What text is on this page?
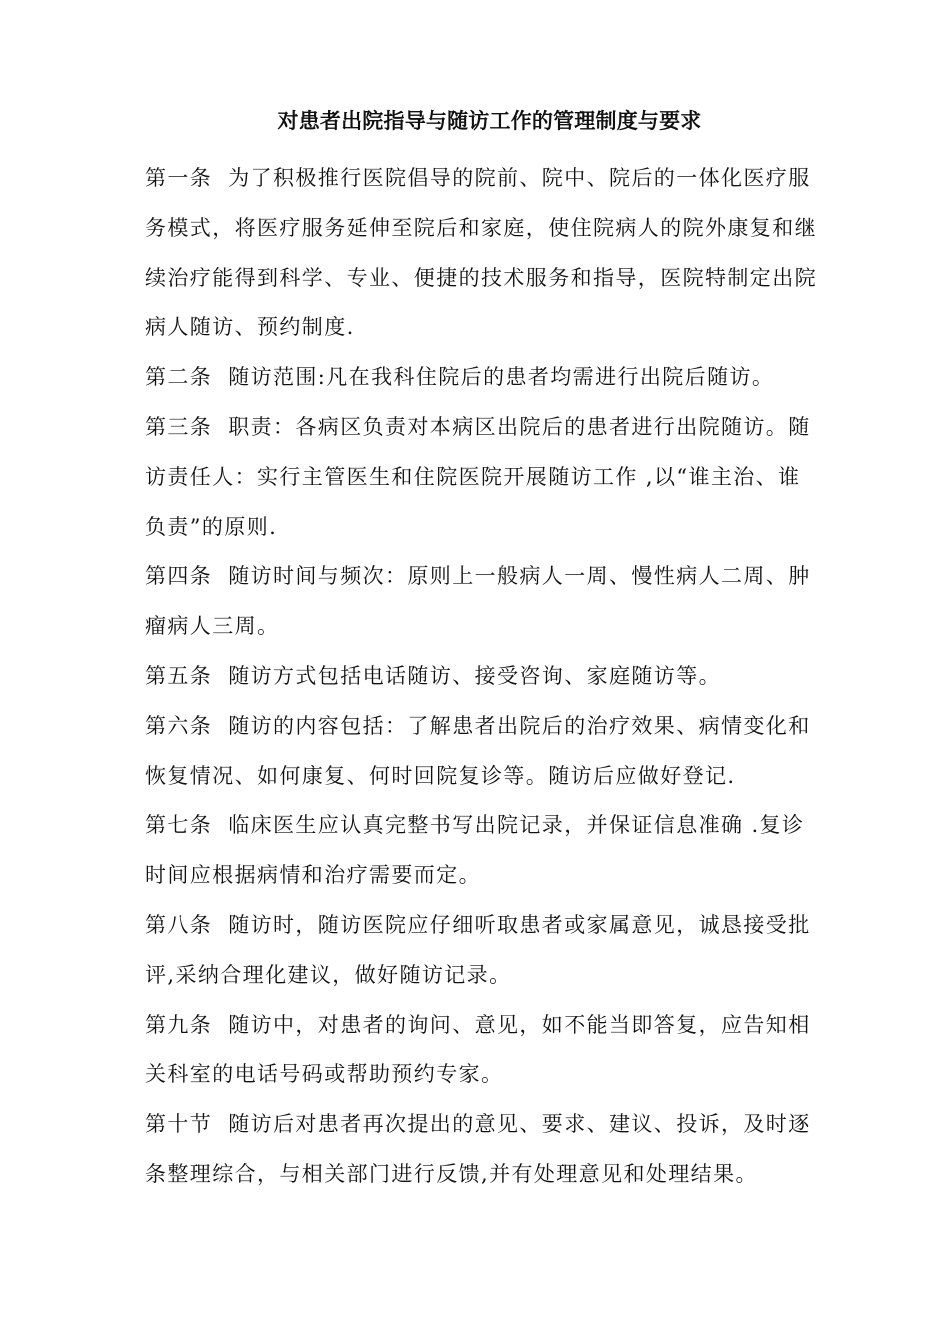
对患者出院指导与随访工作的管理制度与要求

第一条 为了积极推行医院倡导的院前、院中、院后的一体化医疗服务模式，将医疗服务延伸至院后和家庭，使住院病人的院外康复和继续治疗能得到科学、专业、便捷的技术服务和指导，医院特制定出院病人随访、预约制度.

第二条 随访范围:凡在我科住院后的患者均需进行出院后随访。

第三条 职责：各病区负责对本病区出院后的患者进行出院随访。随访责任人：实行主管医生和住院医院开展随访工作 ,以“谁主治、谁负责”的原则.

第四条 随访时间与频次：原则上一般病人一周、慢性病人二周、肿瘤病人三周。

第五条 随访方式包括电话随访、接受咨询、家庭随访等。

第六条 随访的内容包括：了解患者出院后的治疗效果、病情变化和恢复情况、如何康复、何时回院复诊等。随访后应做好登记.

第七条 临床医生应认真完整书写出院记录，并保证信息准确 .复诊时间应根据病情和治疗需要而定。

第八条 随访时，随访医院应仔细听取患者或家属意见，诚恳接受批评,采纳合理化建议，做好随访记录。

第九条 随访中，对患者的询问、意见，如不能当即答复，应告知相关科室的电话号码或帮助预约专家。

第十节 随访后对患者再次提出的意见、要求、建议、投诉，及时逐条整理综合，与相关部门进行反馈,并有处理意见和处理结果。
